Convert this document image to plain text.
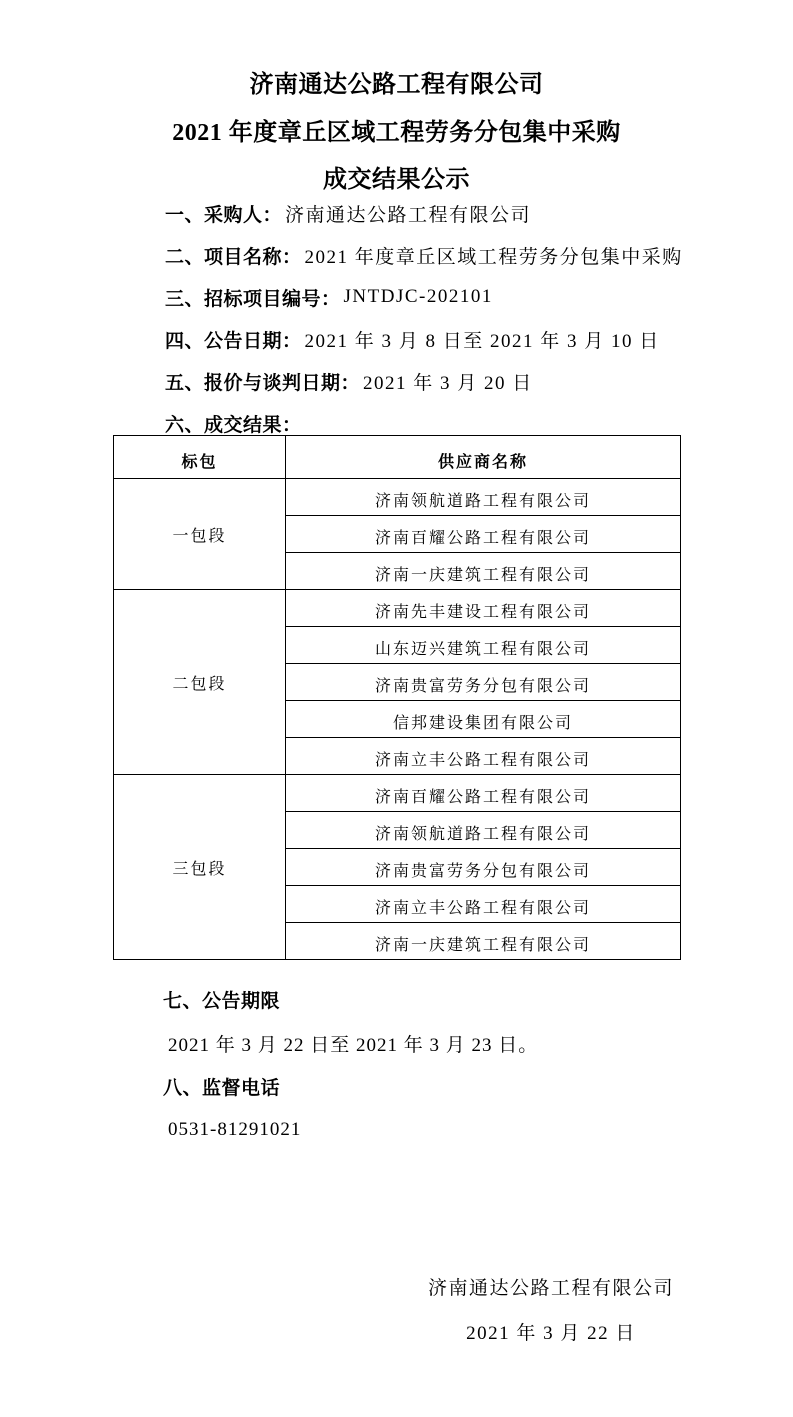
济南通达公路工程有限公司
2021 年度章丘区域工程劳务分包集中采购
成交结果公示
一、采购人： 济南通达公路工程有限公司
二、项目名称： 2021 年度章丘区域工程劳务分包集中采购
三、招标项目编号： JNTDJC-202101
四、公告日期： 2021 年 3 月 8 日至 2021 年 3 月 10 日
五、报价与谈判日期： 2021 年 3 月 20 日
六、成交结果：
标包	供应商名称
一包段	济南领航道路工程有限公司
	济南百耀公路工程有限公司
	济南一庆建筑工程有限公司
二包段	济南先丰建设工程有限公司
	山东迈兴建筑工程有限公司
	济南贵富劳务分包有限公司
	信邦建设集团有限公司
	济南立丰公路工程有限公司
三包段	济南百耀公路工程有限公司
	济南领航道路工程有限公司
	济南贵富劳务分包有限公司
	济南立丰公路工程有限公司
	济南一庆建筑工程有限公司
七、公告期限
2021 年 3 月 22 日至 2021 年 3 月 23 日。
八、监督电话
0531-81291021
济南通达公路工程有限公司
2021 年 3 月 22 日
